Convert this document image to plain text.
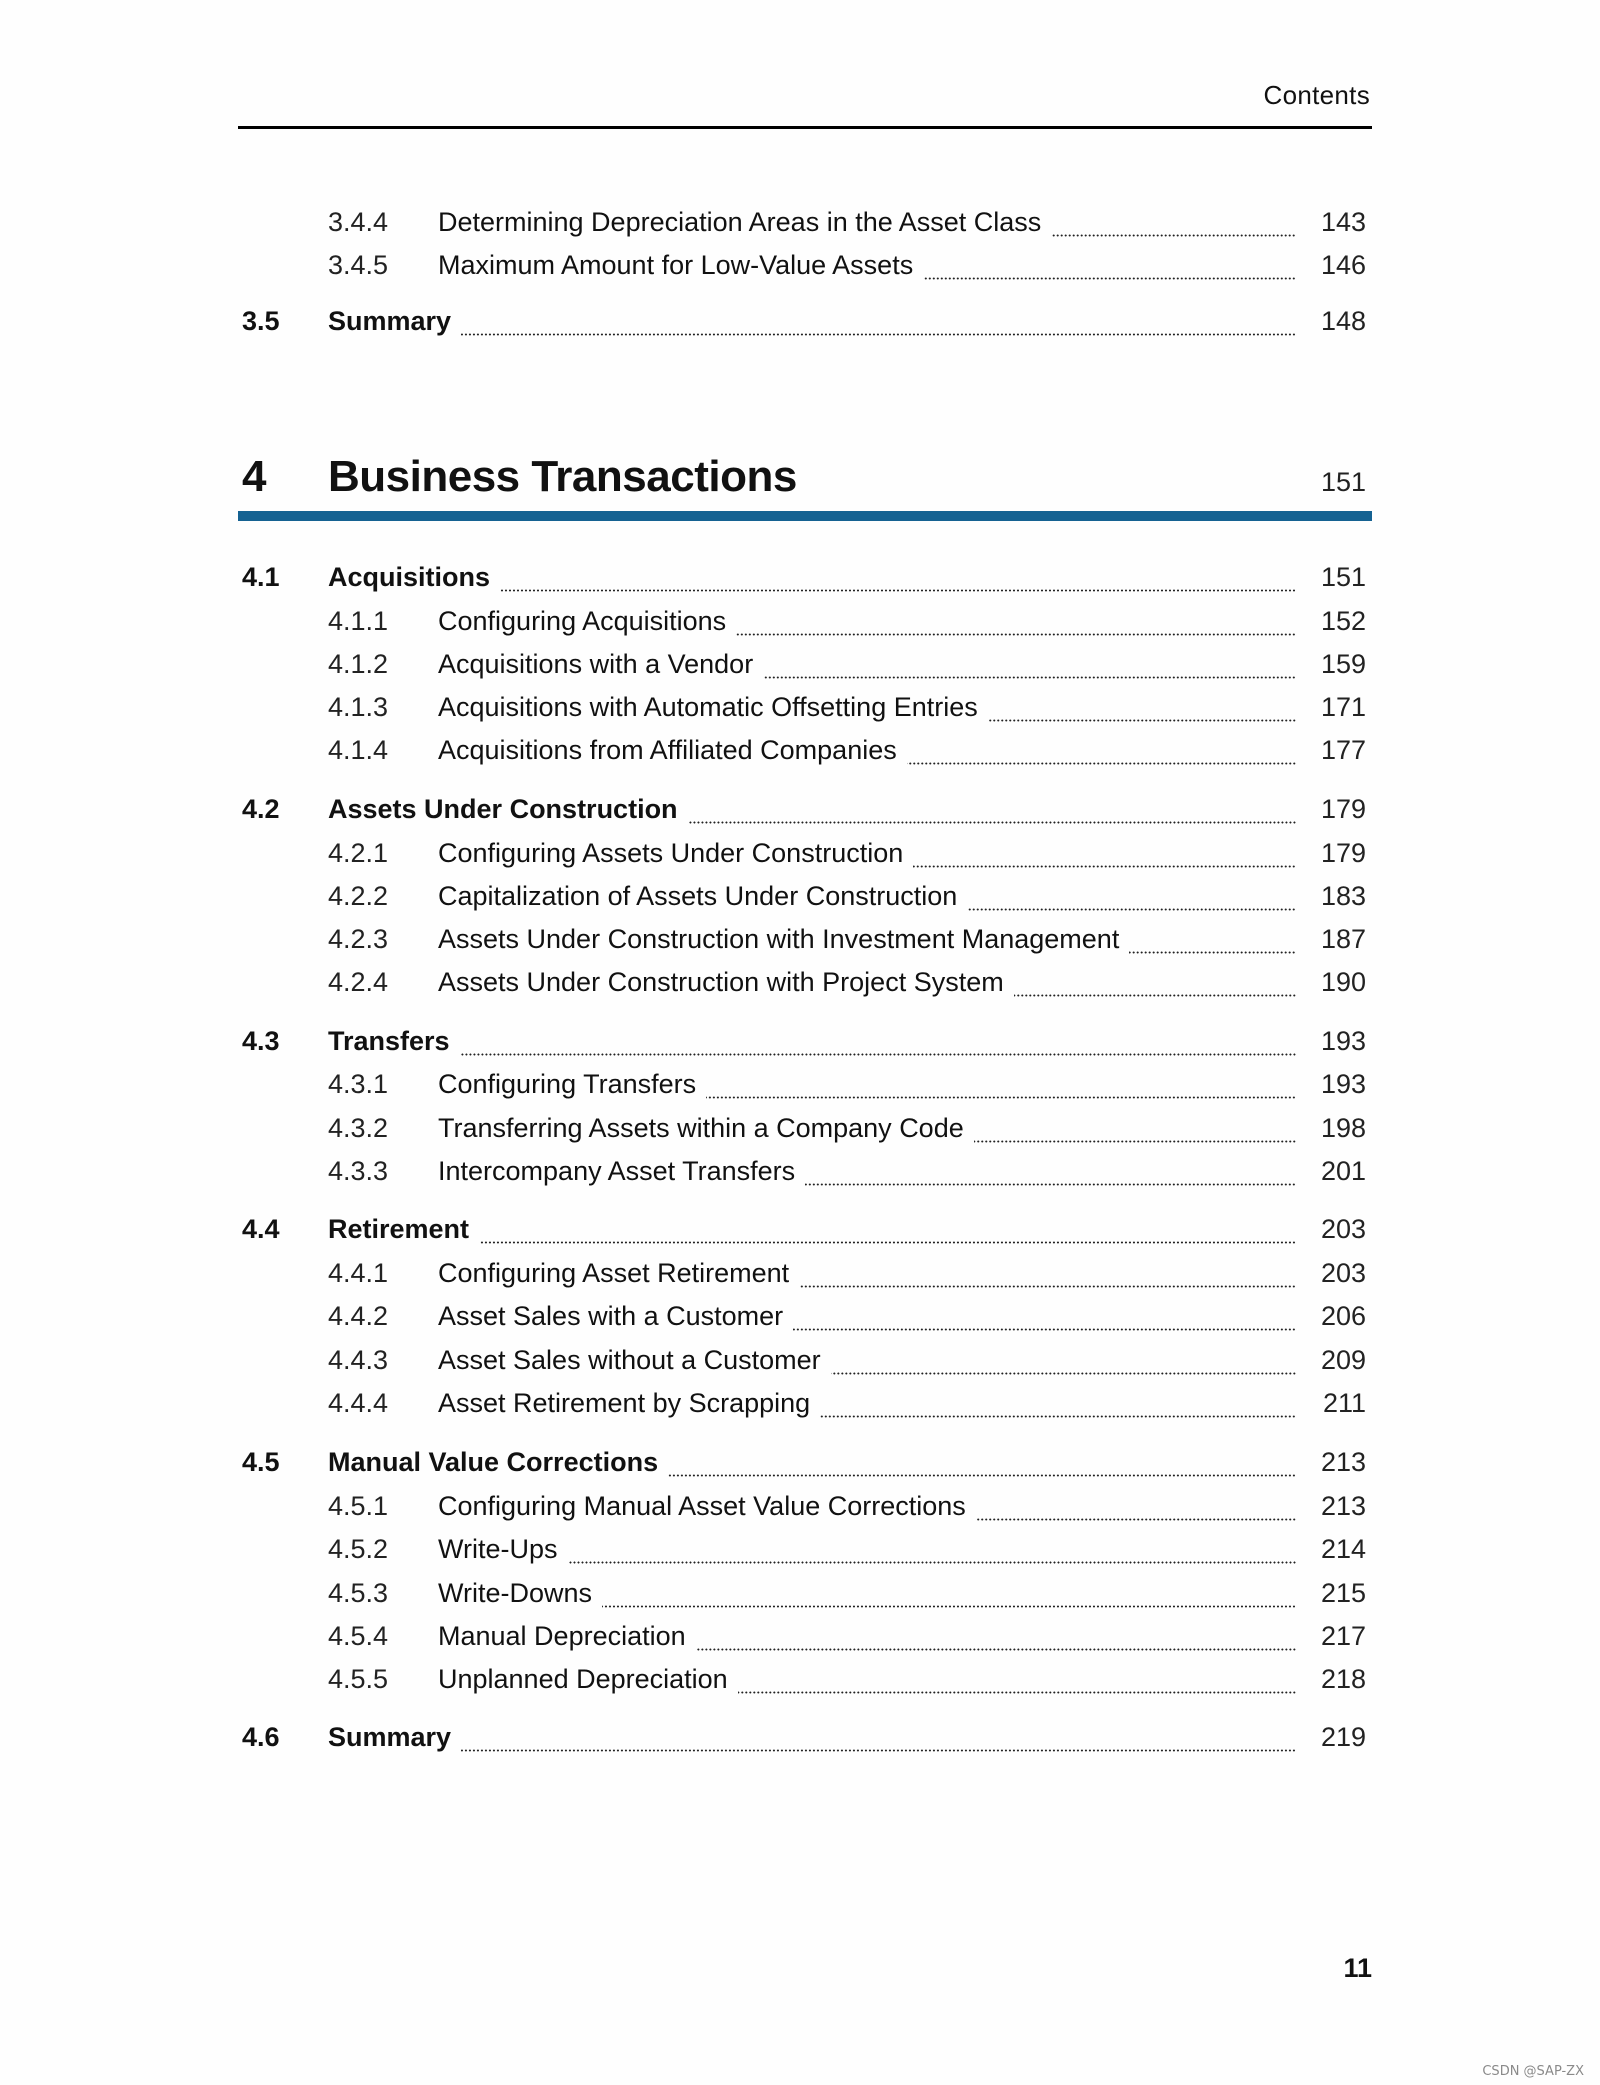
Contents
3.4.4	Determining Depreciation Areas in the Asset Class	143
3.4.5	Maximum Amount for Low-Value Assets	146
3.5	Summary	148
4	Business Transactions	151
4.1	Acquisitions	151
4.1.1	Configuring Acquisitions	152
4.1.2	Acquisitions with a Vendor	159
4.1.3	Acquisitions with Automatic Offsetting Entries	171
4.1.4	Acquisitions from Affiliated Companies	177
4.2	Assets Under Construction	179
4.2.1	Configuring Assets Under Construction	179
4.2.2	Capitalization of Assets Under Construction	183
4.2.3	Assets Under Construction with Investment Management	187
4.2.4	Assets Under Construction with Project System	190
4.3	Transfers	193
4.3.1	Configuring Transfers	193
4.3.2	Transferring Assets within a Company Code	198
4.3.3	Intercompany Asset Transfers	201
4.4	Retirement	203
4.4.1	Configuring Asset Retirement	203
4.4.2	Asset Sales with a Customer	206
4.4.3	Asset Sales without a Customer	209
4.4.4	Asset Retirement by Scrapping	211
4.5	Manual Value Corrections	213
4.5.1	Configuring Manual Asset Value Corrections	213
4.5.2	Write-Ups	214
4.5.3	Write-Downs	215
4.5.4	Manual Depreciation	217
4.5.5	Unplanned Depreciation	218
4.6	Summary	219
11
CSDN @SAP-ZX
